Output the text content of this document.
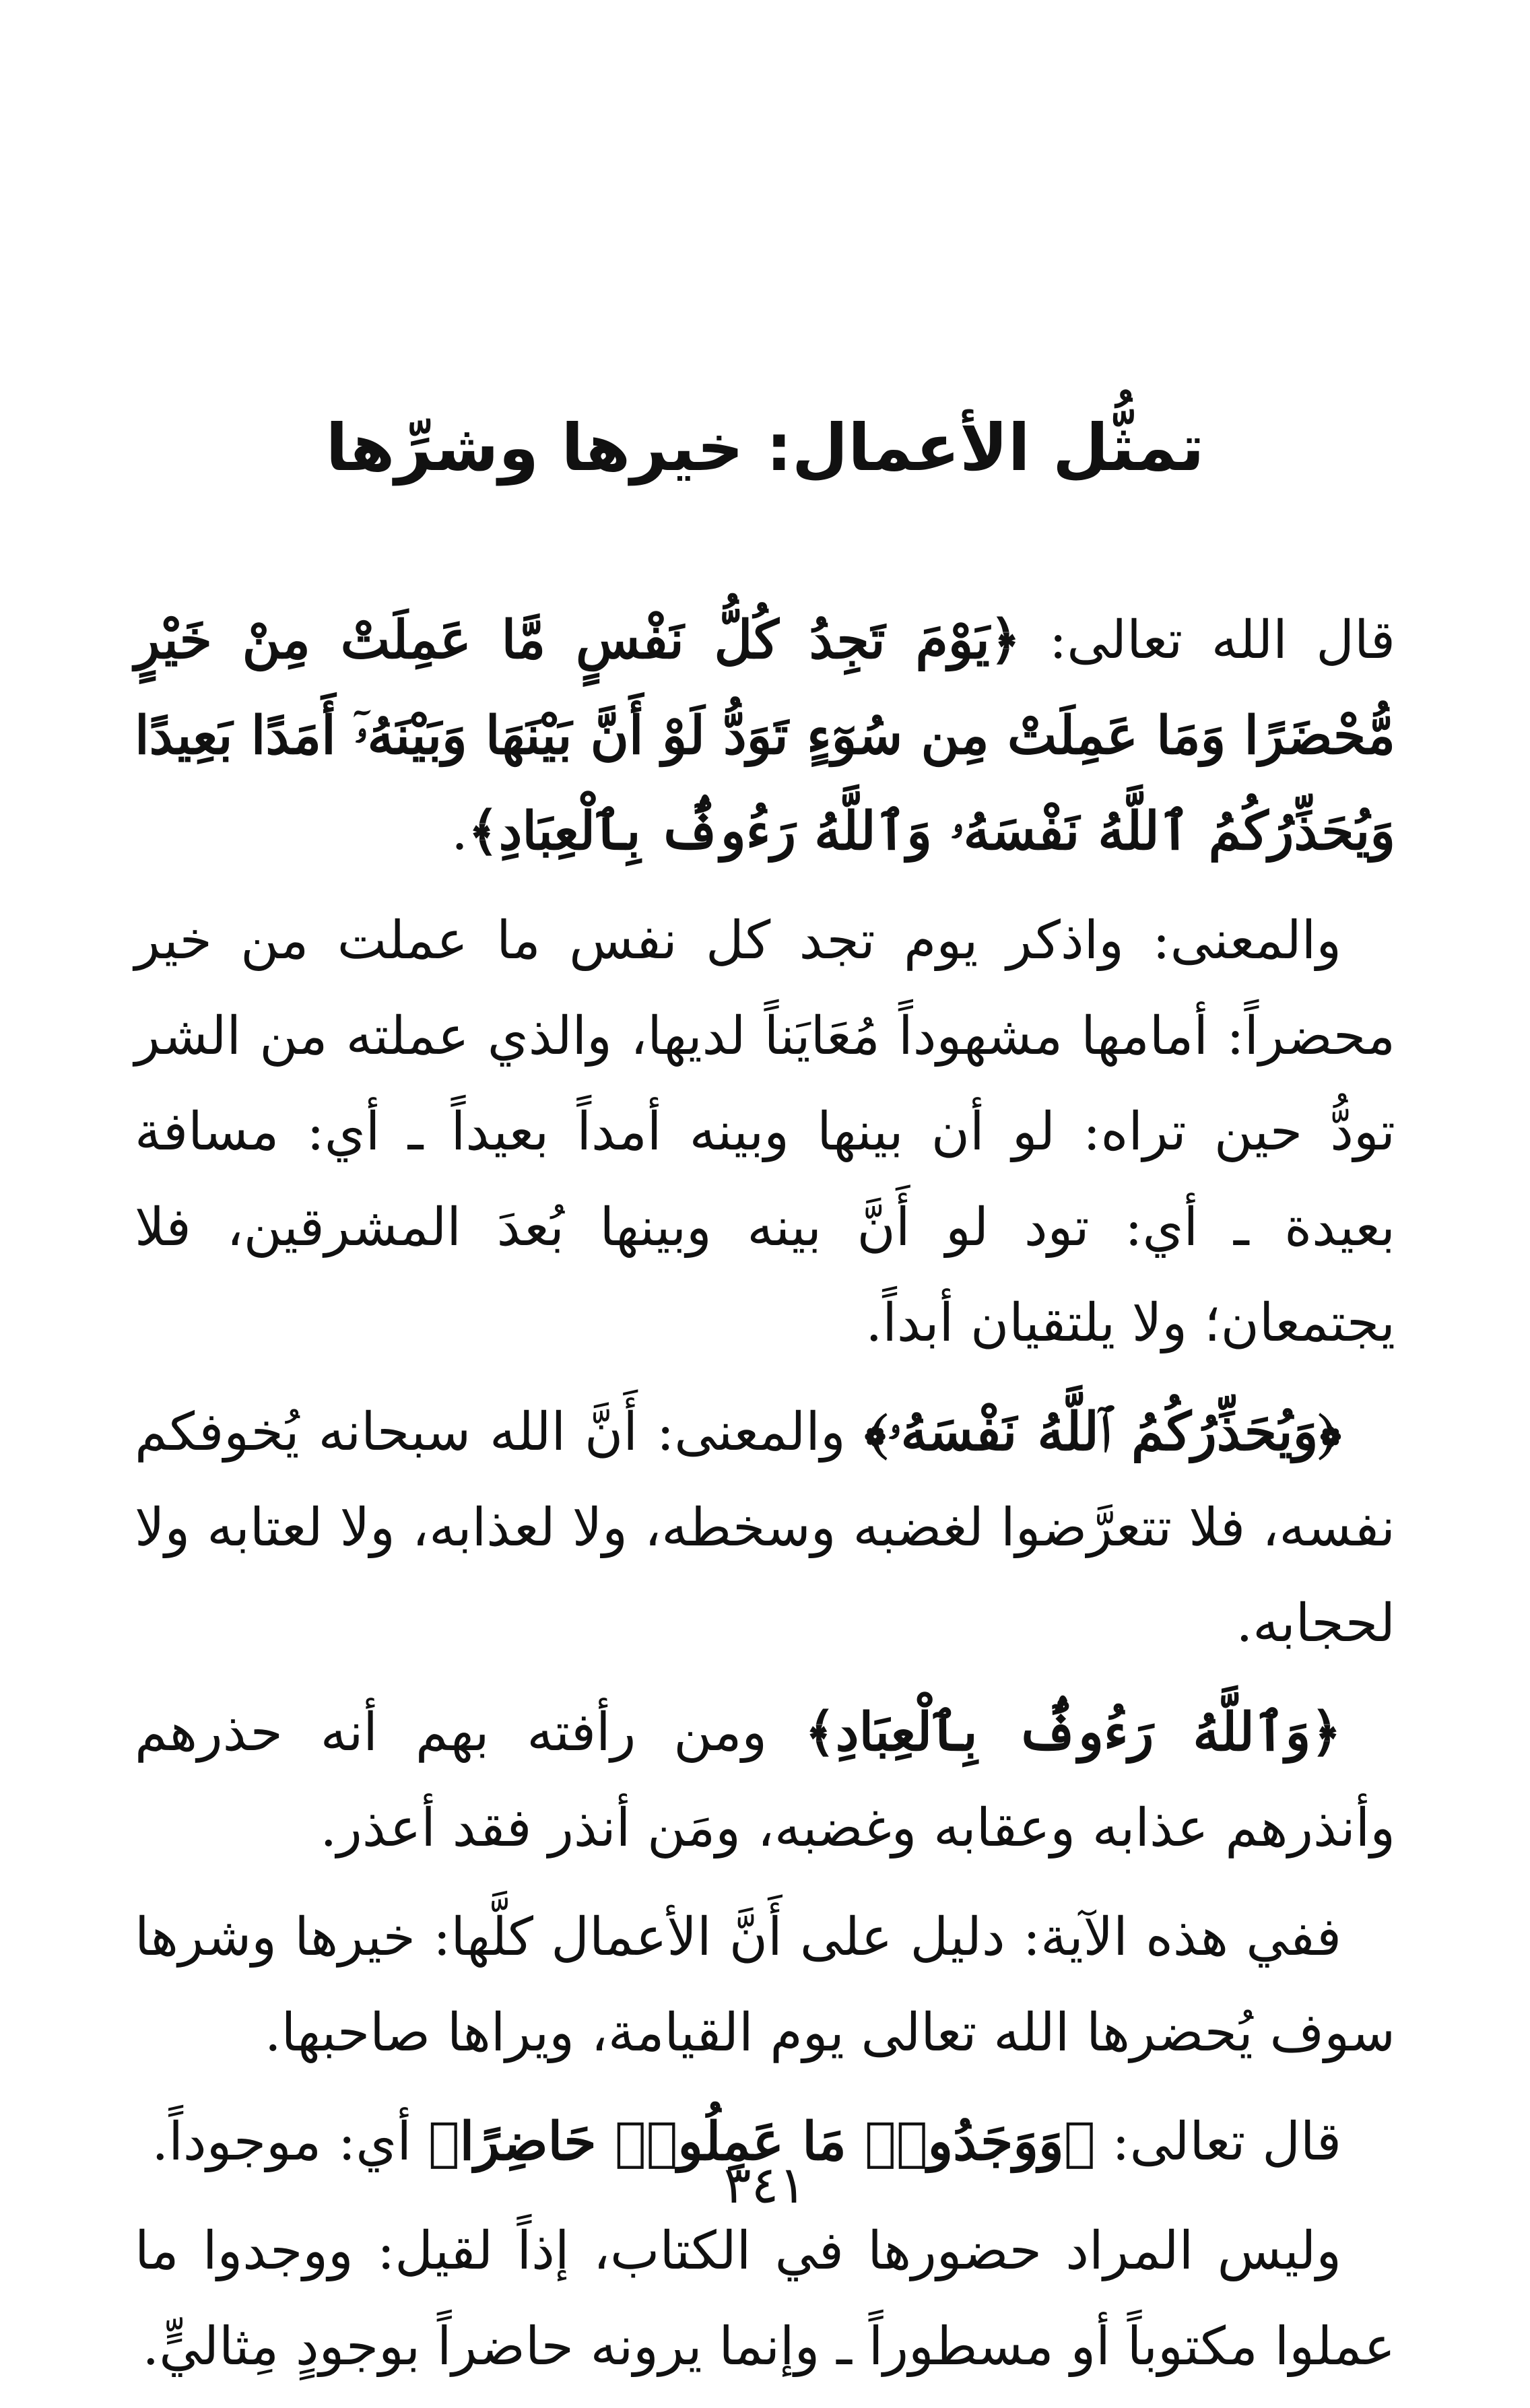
تمثُّل الأعمال: خيرها وشرِّها

قال الله تعالى: ﴿يَوْمَ تَجِدُ كُلُّ نَفْسٍ مَّا عَمِلَتْ مِنْ خَيْرٍ مُّحْضَرًا وَمَا عَمِلَتْ مِن سُوٓءٍ تَوَدُّ لَوْ أَنَّ بَيْنَهَا وَبَيْنَهُۥٓ أَمَدًا بَعِيدًا وَيُحَذِّرُكُمُ ٱللَّهُ نَفْسَهُۥ وَٱللَّهُ رَءُوفٌۢ بِٱلْعِبَادِ﴾.

والمعنى: واذكر يوم تجد كل نفس ما عملت من خير محضراً: أمامها مشهوداً مُعَايَناً لديها، والذي عملته من الشر تودُّ حين تراه: لو أن بينها وبينه أمداً بعيداً ـ أي: مسافة بعيدة ـ أي: تود لو أَنَّ بينه وبينها بُعدَ المشرقين، فلا يجتمعان؛ ولا يلتقيان أبداً.

﴿وَيُحَذِّرُكُمُ ٱللَّهُ نَفْسَهُۥ﴾ والمعنى: أَنَّ الله سبحانه يُخوفكم نفسه، فلا تتعرَّضوا لغضبه وسخطه، ولا لعذابه، ولا لعتابه ولا لحجابه.

﴿وَٱللَّهُ رَءُوفٌۢ بِٱلْعِبَادِ﴾ ومن رأفته بهم أنه حذرهم وأنذرهم عذابه وعقابه وغضبه، ومَن أنذر فقد أعذر.

ففي هذه الآية: دليل على أَنَّ الأعمال كلَّها: خيرها وشرها سوف يُحضرها الله تعالى يوم القيامة، ويراها صاحبها.

قال تعالى: ﴿وَوَجَدُوا۟ مَا عَمِلُوا۟ حَاضِرًا﴾ أي: موجوداً.

وليس المراد حضورها في الكتاب، إذاً لقيل: ووجدوا ما عملوا مكتوباً أو مسطوراً ـ وإنما يرونه حاضراً بوجودٍ مِثاليٍّ.

٣٤١
